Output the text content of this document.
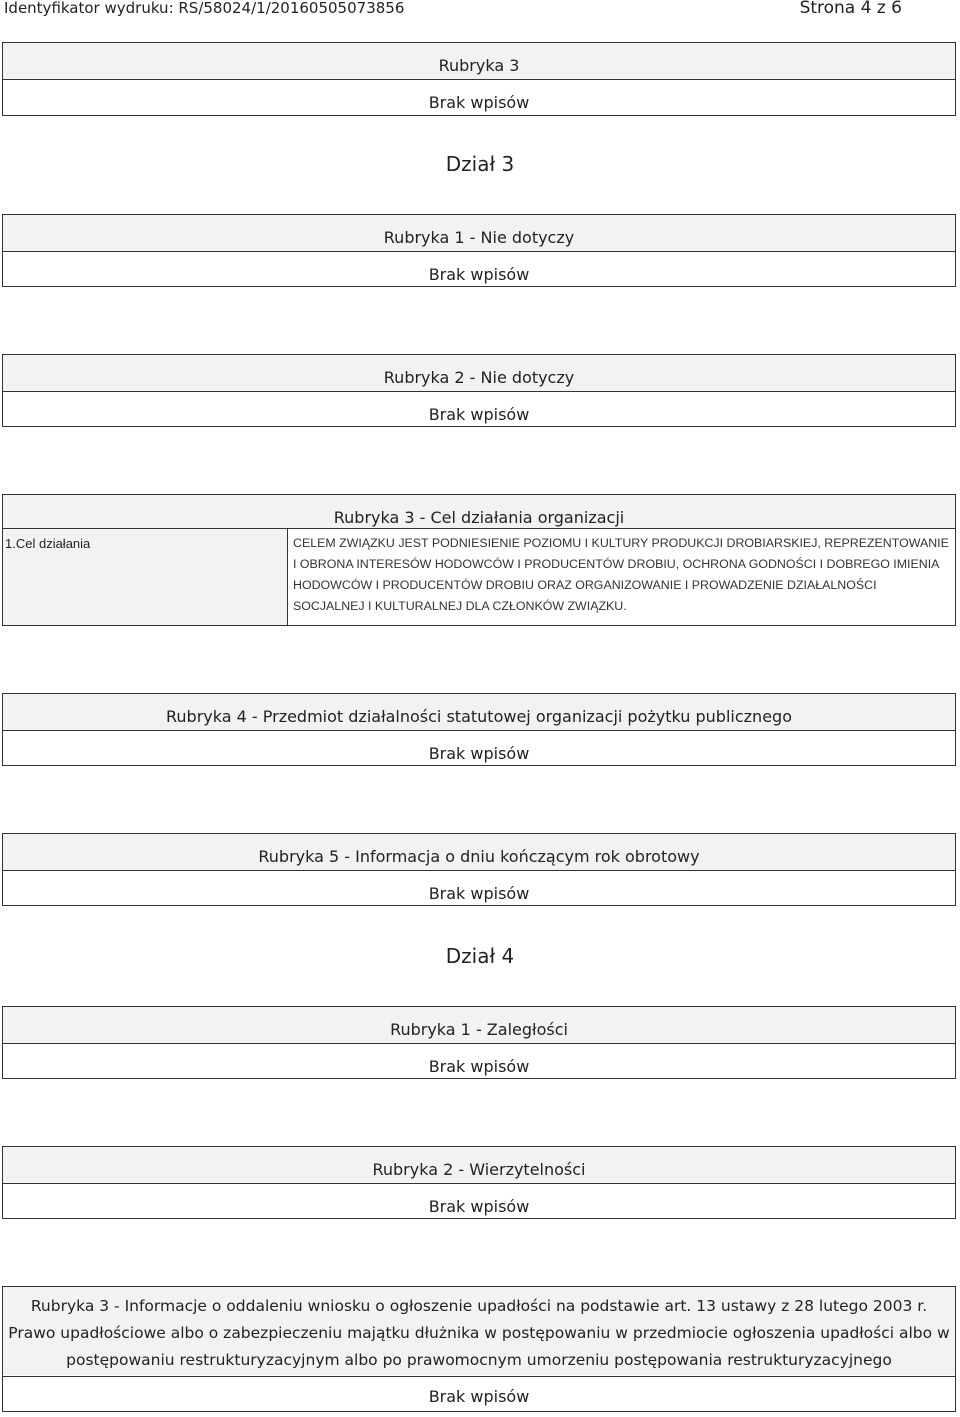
Identyfikator wydruku: RS/58024/1/20160505073856	Strona 4 z 6
Rubryka 3
Brak wpisów
Dział 3
Rubryka 1 - Nie dotyczy
Brak wpisów
Rubryka 2 - Nie dotyczy
Brak wpisów
Rubryka 3 - Cel działania organizacji
1.Cel działania	CELEM ZWIĄZKU JEST PODNIESIENIE POZIOMU I KULTURY PRODUKCJI DROBIARSKIEJ, REPREZENTOWANIE I OBRONA INTERESÓW HODOWCÓW I PRODUCENTÓW DROBIU, OCHRONA GODNOŚCI I DOBREGO IMIENIA HODOWCÓW I PRODUCENTÓW DROBIU ORAZ ORGANIZOWANIE I PROWADZENIE DZIAŁALNOŚCI SOCJALNEJ I KULTURALNEJ DLA CZŁONKÓW ZWIĄZKU.
Rubryka 4 - Przedmiot działalności statutowej organizacji pożytku publicznego
Brak wpisów
Rubryka 5 - Informacja o dniu kończącym rok obrotowy
Brak wpisów
Dział 4
Rubryka 1 - Zaległości
Brak wpisów
Rubryka 2 - Wierzytelności
Brak wpisów
Rubryka 3 - Informacje o oddaleniu wniosku o ogłoszenie upadłości na podstawie art. 13 ustawy z 28 lutego 2003 r. Prawo upadłościowe albo o zabezpieczeniu majątku dłużnika w postępowaniu w przedmiocie ogłoszenia upadłości albo w postępowaniu restrukturyzacyjnym albo po prawomocnym umorzeniu postępowania restrukturyzacyjnego
Brak wpisów
